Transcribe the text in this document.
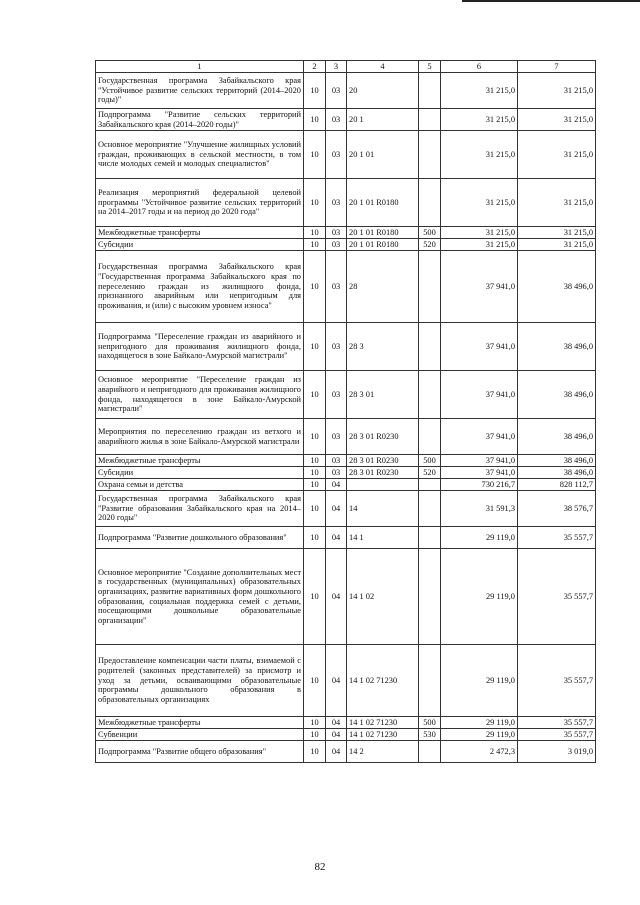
1	2	3	4	5	6	7
Государственная программа Забайкальского края "Устойчивое развитие сельских территорий (2014–2020 годы)"	10	03	20		31 215,0	31 215,0
Подпрограмма "Развитие сельских территорий Забайкальского края (2014–2020 годы)"	10	03	20 1		31 215,0	31 215,0
Основное мероприятие "Улучшение жилищных условий граждан, проживающих в сельской местности, в том числе молодых семей и молодых специалистов"	10	03	20 1 01		31 215,0	31 215,0
Реализация мероприятий федеральной целевой программы "Устойчивое развитие сельских территорий на 2014–2017 годы и на период до 2020 года"	10	03	20 1 01 R0180		31 215,0	31 215,0
Межбюджетные трансферты	10	03	20 1 01 R0180	500	31 215,0	31 215,0
Субсидии	10	03	20 1 01 R0180	520	31 215,0	31 215,0
Государственная программа Забайкальского края "Государственная программа Забайкальского края по переселению граждан из жилищного фонда, признанного аварийным или непригодным для проживания, и (или) с высоким уровнем износа"	10	03	28		37 941,0	38 496,0
Подпрограмма "Переселение граждан из аварийного и непригодного для проживания жилищного фонда, находящегося в зоне Байкало-Амурской магистрали"	10	03	28 3		37 941,0	38 496,0
Основное мероприятие "Переселение граждан из аварийного и непригодного для проживания жилищного фонда, находящегося в зоне Байкало-Амурской магистрали"	10	03	28 3 01		37 941,0	38 496,0
Мероприятия по переселению граждан из ветхого и аварийного жилья в зоне Байкало-Амурской магистрали	10	03	28 3 01 R0230		37 941,0	38 496,0
Межбюджетные трансферты	10	03	28 3 01 R0230	500	37 941,0	38 496,0
Субсидии	10	03	28 3 01 R0230	520	37 941,0	38 496,0
Охрана семьи и детства	10	04			730 216,7	828 112,7
Государственная программа Забайкальского края "Развитие образования Забайкальского края на 2014–2020 годы"	10	04	14		31 591,3	38 576,7
Подпрограмма "Развитие дошкольного образования"	10	04	14 1		29 119,0	35 557,7
Основное мероприятие "Создание дополнительных мест в государственных (муниципальных) образовательных организациях, развитие вариативных форм дошкольного образования, социальная поддержка семей с детьми, посещающими дошкольные образовательные организации"	10	04	14 1 02		29 119,0	35 557,7
Предоставление компенсации части платы, взимаемой с родителей (законных представителей) за присмотр и уход за детьми, осваивающими образовательные программы дошкольного образования в образовательных организациях	10	04	14 1 02 71230		29 119,0	35 557,7
Межбюджетные трансферты	10	04	14 1 02 71230	500	29 119,0	35 557,7
Субвенции	10	04	14 1 02 71230	530	29 119,0	35 557,7
Подпрограмма "Развитие общего образования"	10	04	14 2		2 472,3	3 019,0
82
